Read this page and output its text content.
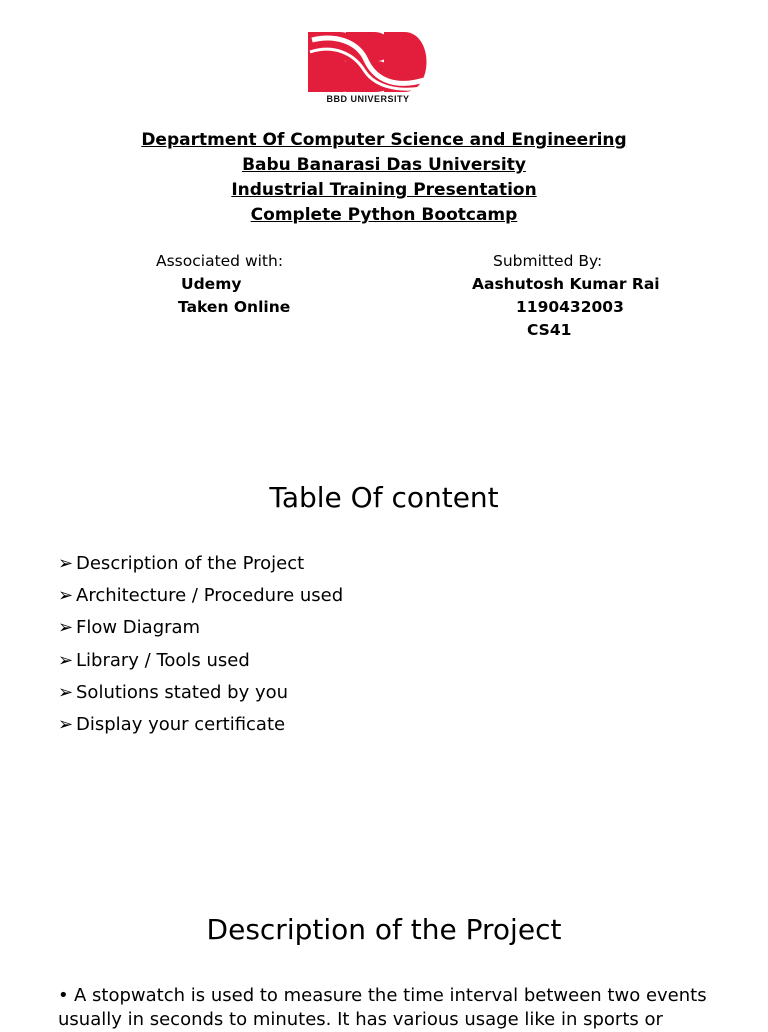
BBD UNIVERSITY
Department Of Computer Science and Engineering
Babu Banarasi Das University
Industrial Training Presentation
Complete Python Bootcamp
Associated with:
Udemy
Taken Online
Submitted By:
Aashutosh Kumar Rai
1190432003
CS41
Table Of content
➢ Description of the Project
➢ Architecture / Procedure used
➢ Flow Diagram
➢ Library / Tools used
➢ Solutions stated by you
➢ Display your certificate
Description of the Project
• A stopwatch is used to measure the time interval between two events usually in seconds to minutes. It has various usage like in sports or
